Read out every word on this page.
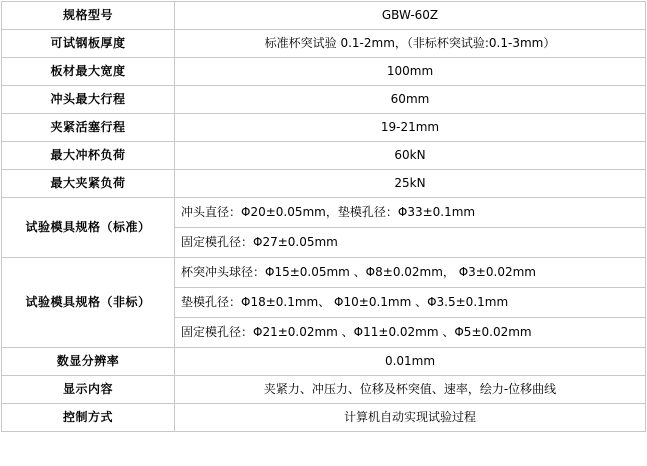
规格型号	GBW-60Z
可试钢板厚度	标准杯突试验 0.1-2mm，（非标杯突试验:0.1-3mm）
板材最大宽度	100mm
冲头最大行程	60mm
夹紧活塞行程	19-21mm
最大冲杯负荷	60kN
最大夹紧负荷	25kN
试验模具规格（标准）	冲头直径：Φ20±0.05mm，垫模孔径：Φ33±0.1mm
	固定模孔径：Φ27±0.05mm
试验模具规格（非标）	杯突冲头球径：Φ15±0.05mm 、Φ8±0.02mm， Φ3±0.02mm
	垫模孔径：Φ18±0.1mm、 Φ10±0.1mm 、Φ3.5±0.1mm
	固定模孔径：Φ21±0.02mm 、Φ11±0.02mm 、Φ5±0.02mm
数显分辨率	0.01mm
显示内容	夹紧力、冲压力、位移及杯突值、速率，绘力-位移曲线
控制方式	计算机自动实现试验过程
